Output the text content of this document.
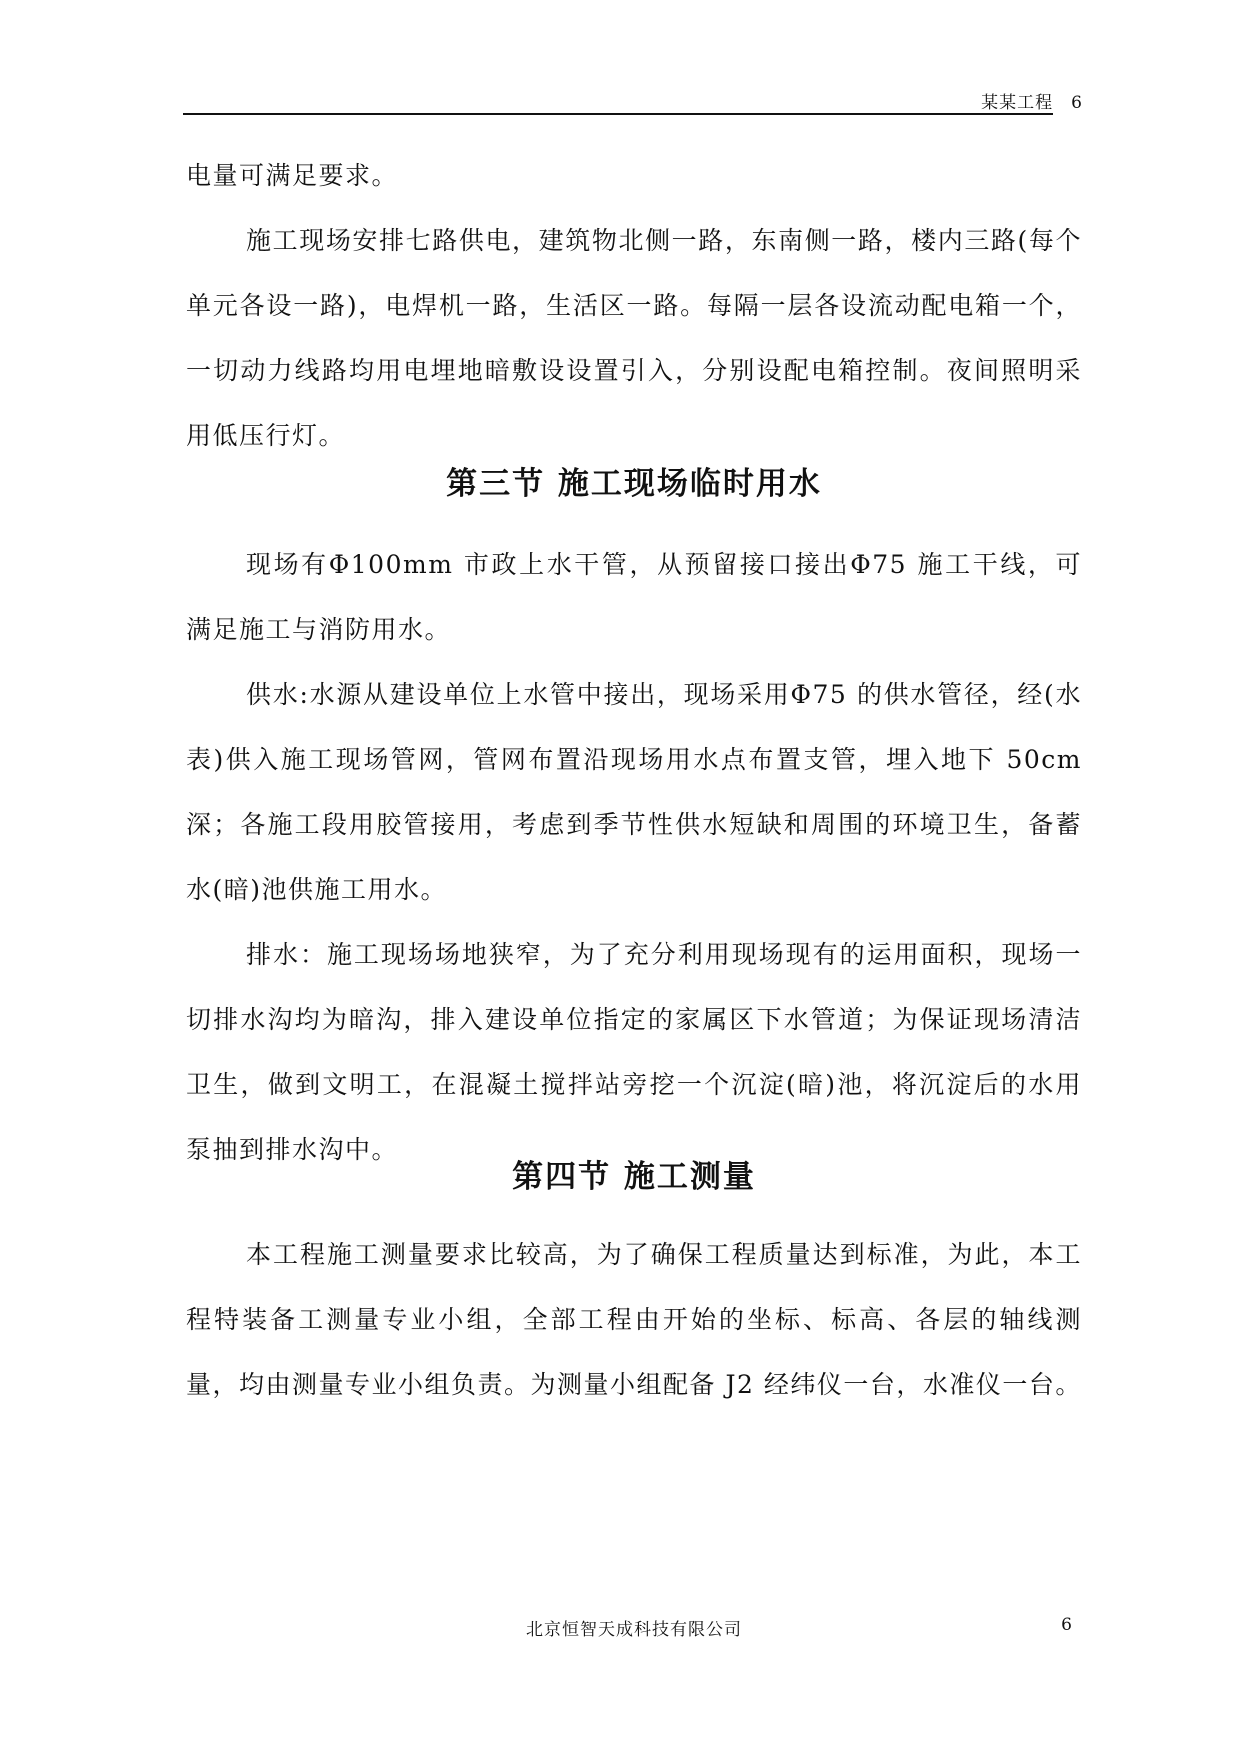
某某工程 6

电量可满足要求。

施工现场安排七路供电，建筑物北侧一路，东南侧一路，楼内三路(每个单元各设一路)，电焊机一路，生活区一路。每隔一层各设流动配电箱一个，一切动力线路均用电埋地暗敷设设置引入，分别设配电箱控制。夜间照明采用低压行灯。

第三节 施工现场临时用水

现场有Φ100mm 市政上水干管，从预留接口接出Φ75 施工干线，可满足施工与消防用水。

供水:水源从建设单位上水管中接出，现场采用Φ75 的供水管径，经(水表)供入施工现场管网，管网布置沿现场用水点布置支管，埋入地下 50cm 深；各施工段用胶管接用，考虑到季节性供水短缺和周围的环境卫生，备蓄水(暗)池供施工用水。

排水：施工现场场地狭窄，为了充分利用现场现有的运用面积，现场一切排水沟均为暗沟，排入建设单位指定的家属区下水管道；为保证现场清洁卫生，做到文明工，在混凝土搅拌站旁挖一个沉淀(暗)池，将沉淀后的水用泵抽到排水沟中。

第四节 施工测量

本工程施工测量要求比较高，为了确保工程质量达到标准，为此，本工程特装备工测量专业小组，全部工程由开始的坐标、标高、各层的轴线测量，均由测量专业小组负责。为测量小组配备 J2 经纬仪一台，水准仪一台。

北京恒智天成科技有限公司	6
